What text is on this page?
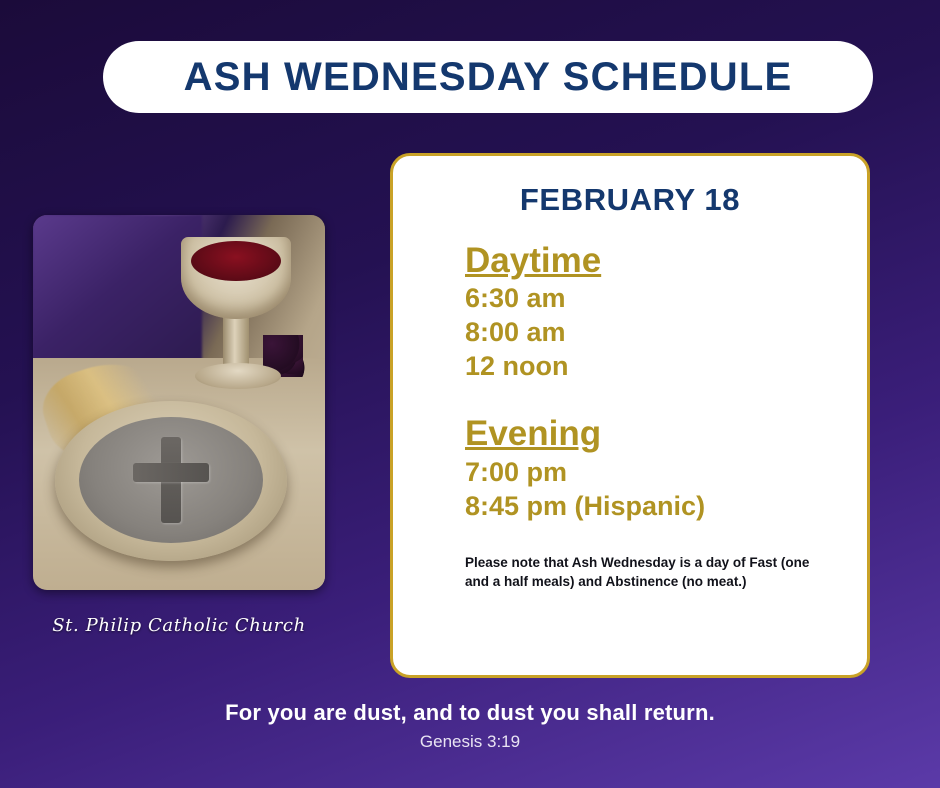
ASH WEDNESDAY SCHEDULE
St. Philip Catholic Church
FEBRUARY 18
Daytime
6:30 am
8:00 am
12 noon
Evening
7:00 pm
8:45 pm (Hispanic)
Please note that Ash Wednesday is a day of Fast (one and a half meals) and Abstinence (no meat.)
For you are dust, and to dust you shall return.
Genesis 3:19
